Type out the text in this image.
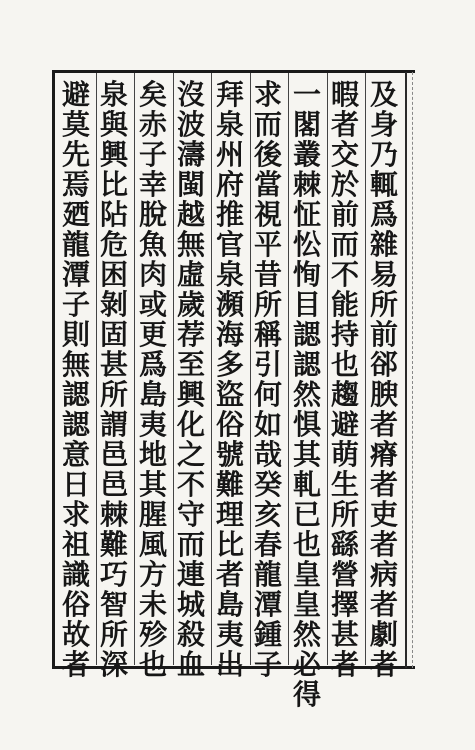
及
身
乃
輒
爲
雜
易
所
前
郤
腴
者
瘠
者
吏
者
病
者
劇
者
暇
者
交
於
前
而
不
能
持
也
趨
避
萌
生
所
繇
營
擇
甚
者
一
閣
叢
棘
怔
忪
恂
目
諰
諰
然
惧
其
軋
已
也
皇
皇
然
必
得
求
而
後
當
視
平
昔
所
稱
引
何
如
哉
癸
亥
春
龍
潭
鍾
子
拜
泉
州
府
推
官
泉
瀕
海
多
盜
俗
號
難
理
比
者
島
夷
出
沒
波
濤
閩
越
無
虛
歲
荐
至
興
化
之
不
守
而
連
城
殺
血
矣
赤
子
幸
脫
魚
肉
或
更
爲
島
夷
地
其
腥
風
方
未
殄
也
泉
與
興
比
阽
危
困
剝
固
甚
所
謂
邑
邑
棘
難
巧
智
所
深
避
莫
先
焉
廼
龍
潭
子
則
無
諰
諰
意
日
求
祖
識
俗
故
者
